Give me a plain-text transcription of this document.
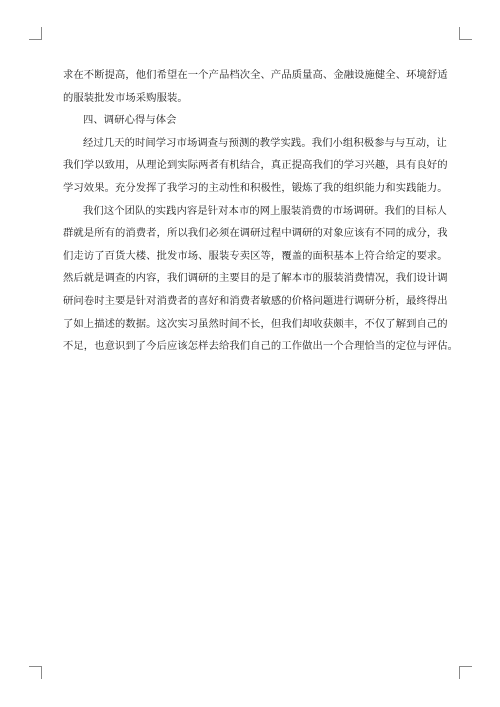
求在不断提高，他们希望在一个产品档次全、产品质量高、金融设施健全、环境舒适
的服装批发市场采购服装。
四、调研心得与体会
经过几天的时间学习市场调查与预测的教学实践。我们小组积极参与与互动，让
我们学以致用，从理论到实际两者有机结合，真正提高我们的学习兴趣，具有良好的
学习效果。充分发挥了我学习的主动性和积极性，锻炼了我的组织能力和实践能力。
我们这个团队的实践内容是针对本市的网上服装消费的市场调研。我们的目标人
群就是所有的消费者，所以我们必须在调研过程中调研的对象应该有不同的成分，我
们走访了百货大楼、批发市场、服装专卖区等，覆盖的面积基本上符合给定的要求。
然后就是调查的内容，我们调研的主要目的是了解本市的服装消费情况，我们设计调
研问卷时主要是针对消费者的喜好和消费者敏感的价格问题进行调研分析，最终得出
了如上描述的数据。这次实习虽然时间不长，但我们却收获颇丰，不仅了解到自己的
不足，也意识到了今后应该怎样去给我们自己的工作做出一个合理恰当的定位与评估。
